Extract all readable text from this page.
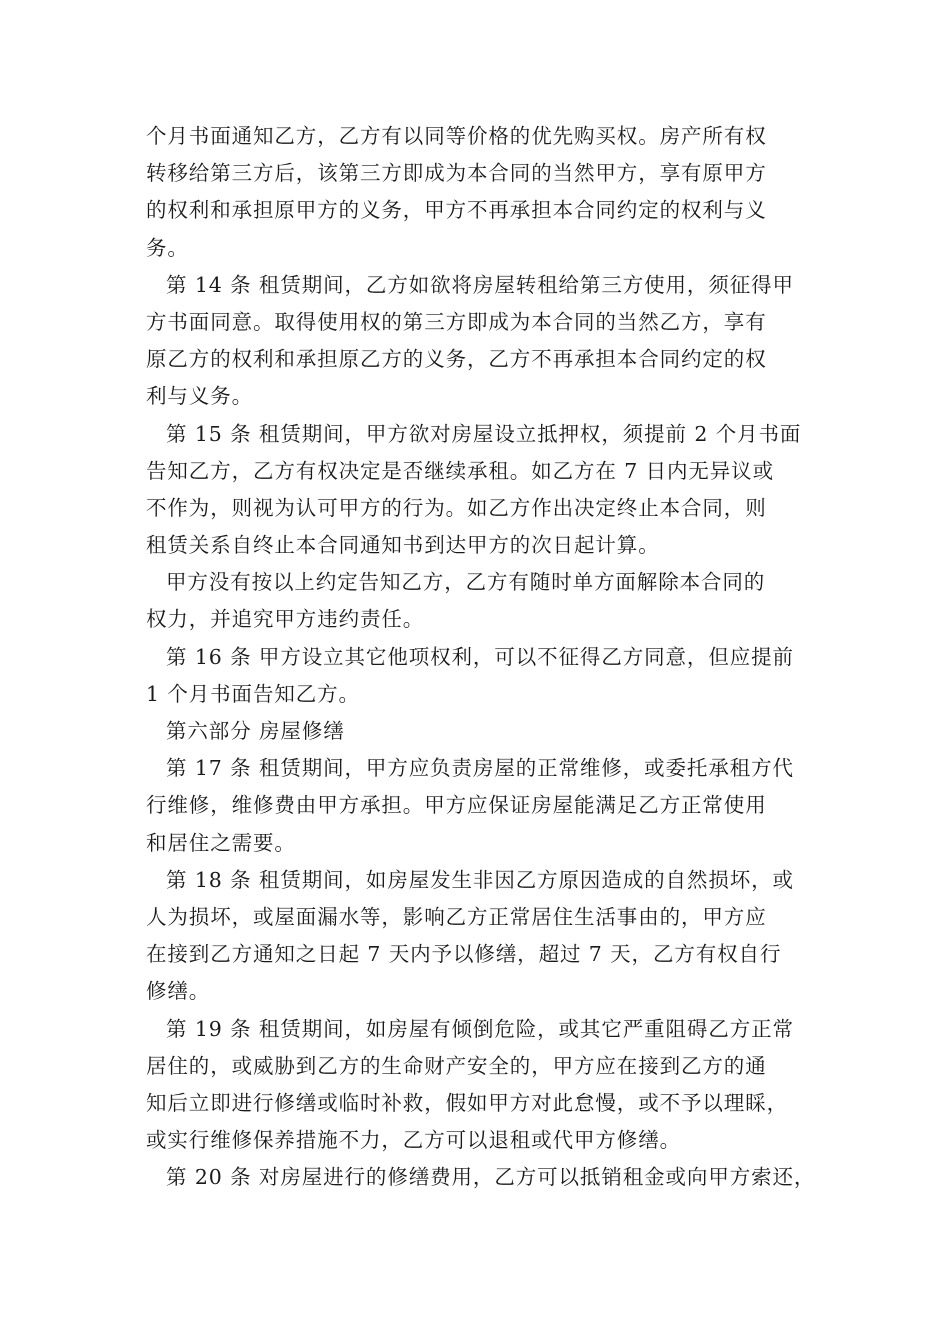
个月书面通知乙方，乙方有以同等价格的优先购买权。房产所有权
转移给第三方后，该第三方即成为本合同的当然甲方，享有原甲方
的权利和承担原甲方的义务，甲方不再承担本合同约定的权利与义
务。
第 14 条 租赁期间，乙方如欲将房屋转租给第三方使用，须征得甲
方书面同意。取得使用权的第三方即成为本合同的当然乙方，享有
原乙方的权利和承担原乙方的义务，乙方不再承担本合同约定的权
利与义务。
第 15 条 租赁期间，甲方欲对房屋设立抵押权，须提前 2 个月书面
告知乙方，乙方有权决定是否继续承租。如乙方在 7 日内无异议或
不作为，则视为认可甲方的行为。如乙方作出决定终止本合同，则
租赁关系自终止本合同通知书到达甲方的次日起计算。
甲方没有按以上约定告知乙方，乙方有随时单方面解除本合同的
权力，并追究甲方违约责任。
第 16 条 甲方设立其它他项权利，可以不征得乙方同意，但应提前
1 个月书面告知乙方。
第六部分 房屋修缮
第 17 条 租赁期间，甲方应负责房屋的正常维修，或委托承租方代
行维修，维修费由甲方承担。甲方应保证房屋能满足乙方正常使用
和居住之需要。
第 18 条 租赁期间，如房屋发生非因乙方原因造成的自然损坏，或
人为损坏，或屋面漏水等，影响乙方正常居住生活事由的，甲方应
在接到乙方通知之日起 7 天内予以修缮，超过 7 天，乙方有权自行
修缮。
第 19 条 租赁期间，如房屋有倾倒危险，或其它严重阻碍乙方正常
居住的，或威胁到乙方的生命财产安全的，甲方应在接到乙方的通
知后立即进行修缮或临时补救，假如甲方对此怠慢，或不予以理睬，
或实行维修保养措施不力，乙方可以退租或代甲方修缮。
第 20 条 对房屋进行的修缮费用，乙方可以抵销租金或向甲方索还，
